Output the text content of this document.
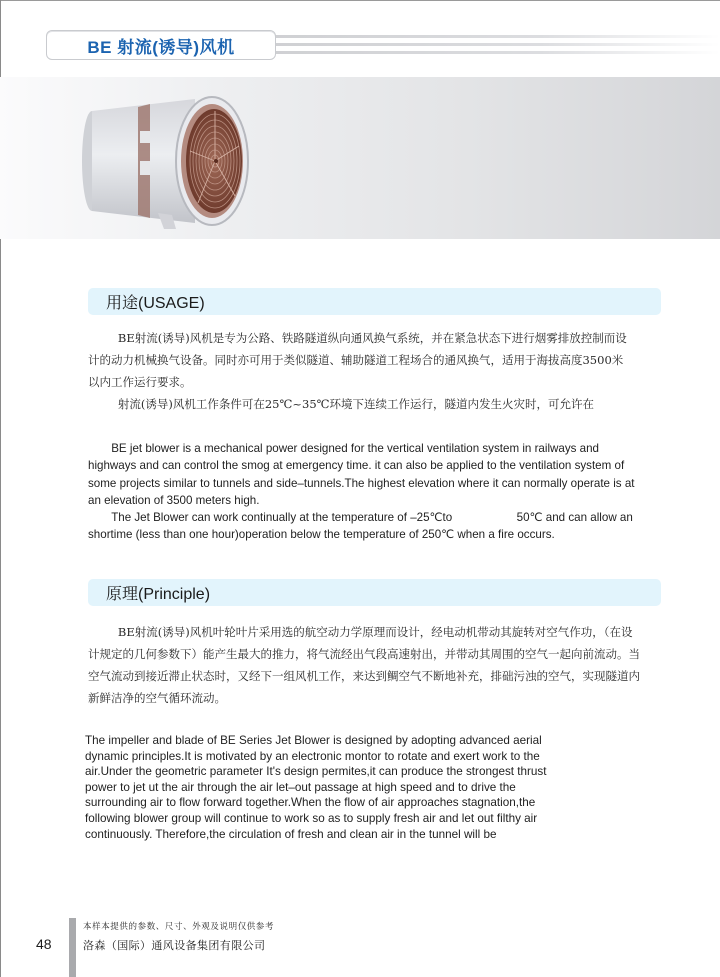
BE 射流(诱导)风机
用途(USAGE)

BE射流(诱导)风机是专为公路、铁路隧道纵向通风换气系统，并在紧急状态下进行烟雾排放控制而设计的动力机械换气设备。同时亦可用于类似隧道、辅助隧道工程场合的通风换气，适用于海拔高度3500米以内工作运行要求。

射流(诱导)风机工作条件可在25℃~35℃环境下连续工作运行，隧道内发生火灾时，可允许在

BE jet blower is a mechanical power designed for the vertical ventilation system in railways and highways and can control the smog at emergency time. it can also be applied to the ventilation system of some projects similar to tunnels and side–tunnels.The highest elevation where it can normally operate is at an elevation of 3500 meters high.

The Jet Blower can work continually at the temperature of –25℃to                    50℃ and can allow an shortime (less than one hour)operation below the temperature of 250℃ when a fire occurs.

原理(Principle)

BE射流(诱导)风机叶轮叶片采用选的航空动力学原理而设计，经电动机带动其旋转对空气作功，（在设计规定的几何参数下）能产生最大的推力，将气流经出气段高速射出，并带动其周围的空气一起向前流动。当空气流动到接近滞止状态时，又经下一组风机工作，来达到鲷空气不断地补充，排础污浊的空气，实现隧道内新鲜洁净的空气循环流动。

The impeller and blade of BE Series Jet Blower is designed by adopting advanced aerial

dynamic principles.It is motivated by an electronic montor to rotate and exert work to the

air.Under the geometric parameter It's design permites,it can produce the strongest thrust

power to jet ut the air through the air let–out passage at high speed and to drive the

surrounding air to flow forward together.When the flow of air approaches stagnation,the

following blower group will continue to work so as to supply fresh air and let out filthy air

continuously. Therefore,the circulation of fresh and clean air in the tunnel will be

48
本样本提供的参数、尺寸、外观及说明仅供参考
洛森（国际）通风设备集团有限公司
